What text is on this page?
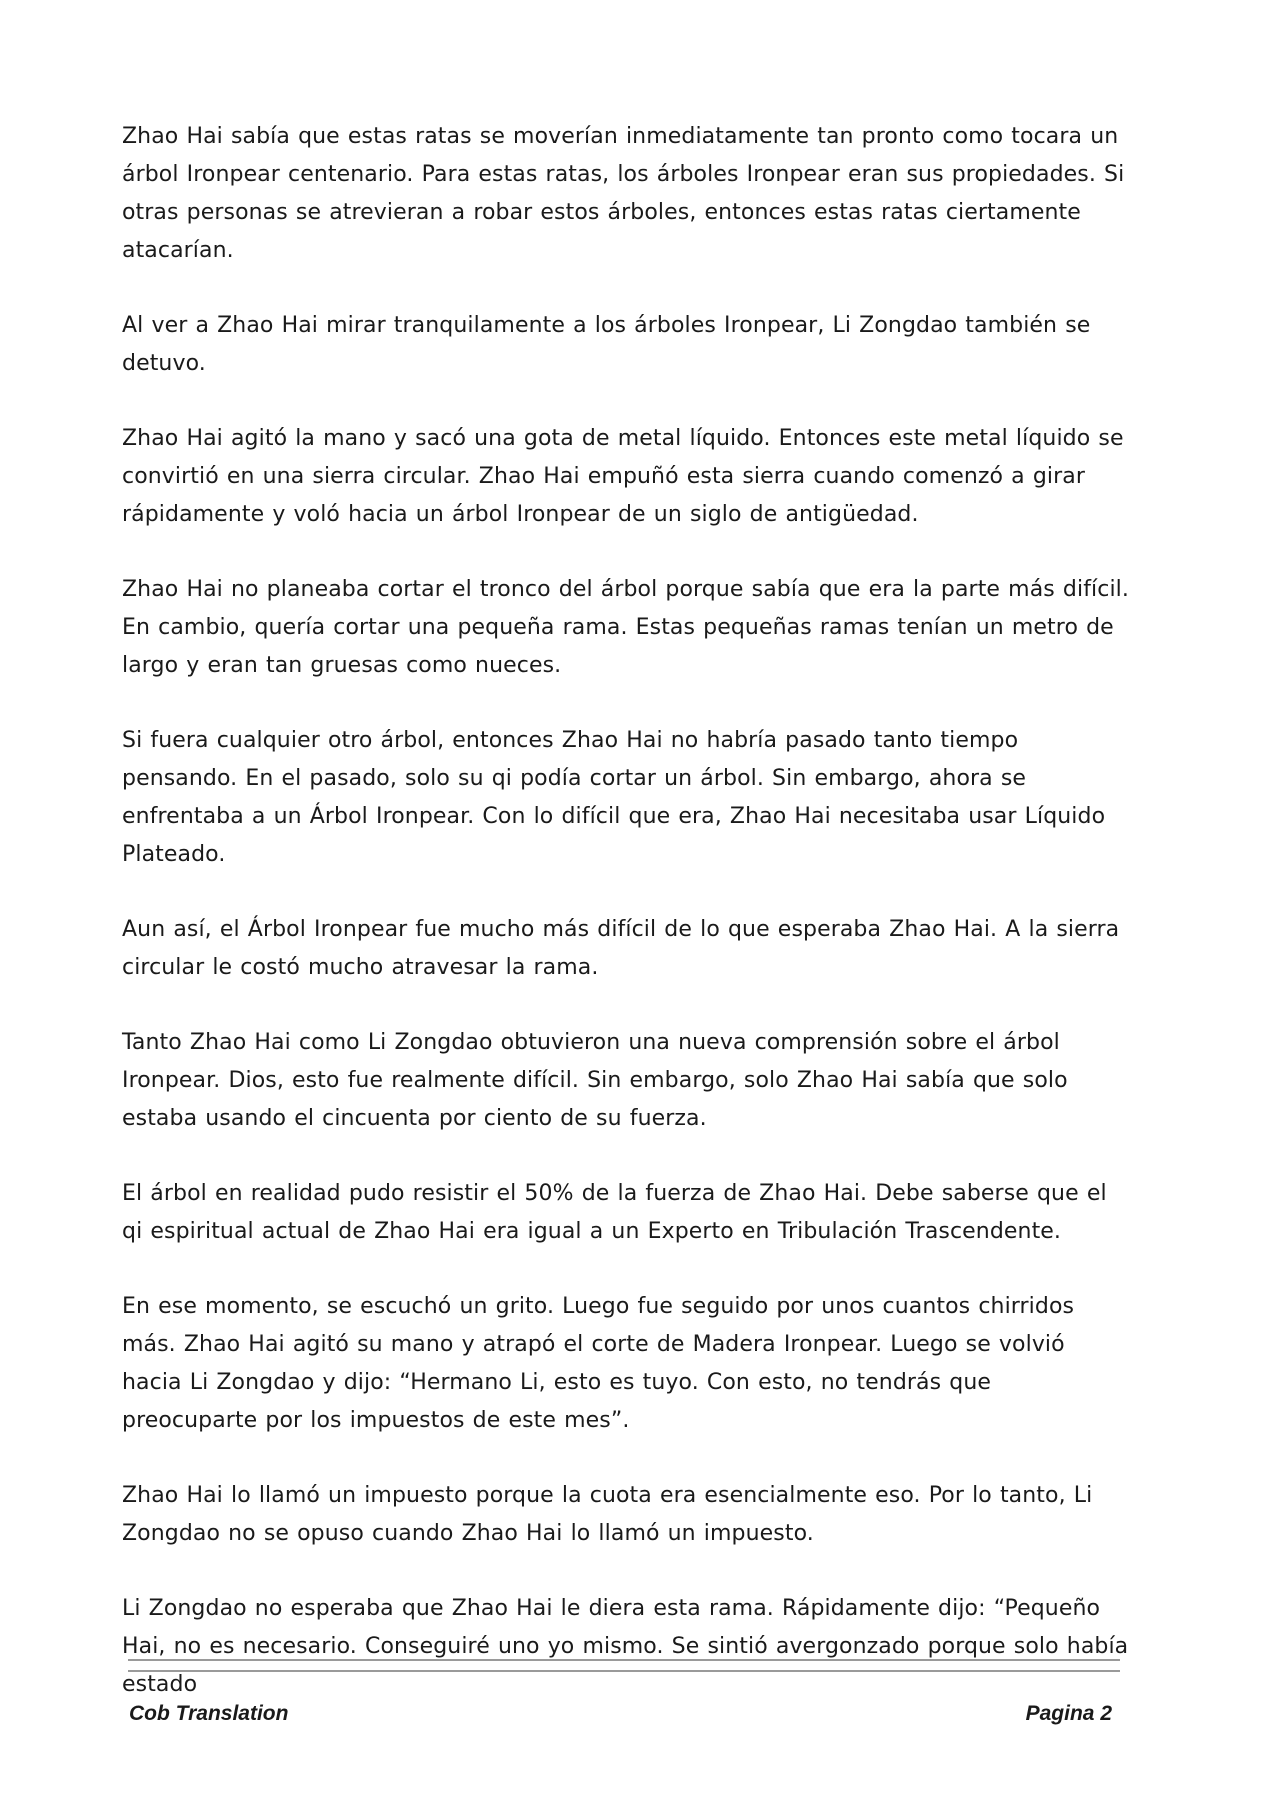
Zhao Hai sabía que estas ratas se moverían inmediatamente tan pronto como tocara un árbol Ironpear centenario. Para estas ratas, los árboles Ironpear eran sus propiedades. Si otras personas se atrevieran a robar estos árboles, entonces estas ratas ciertamente atacarían.

Al ver a Zhao Hai mirar tranquilamente a los árboles Ironpear, Li Zongdao también se detuvo.

Zhao Hai agitó la mano y sacó una gota de metal líquido. Entonces este metal líquido se convirtió en una sierra circular. Zhao Hai empuñó esta sierra cuando comenzó a girar rápidamente y voló hacia un árbol Ironpear de un siglo de antigüedad.

Zhao Hai no planeaba cortar el tronco del árbol porque sabía que era la parte más difícil. En cambio, quería cortar una pequeña rama. Estas pequeñas ramas tenían un metro de largo y eran tan gruesas como nueces.

Si fuera cualquier otro árbol, entonces Zhao Hai no habría pasado tanto tiempo pensando. En el pasado, solo su qi podía cortar un árbol. Sin embargo, ahora se enfrentaba a un Árbol Ironpear. Con lo difícil que era, Zhao Hai necesitaba usar Líquido Plateado.

Aun así, el Árbol Ironpear fue mucho más difícil de lo que esperaba Zhao Hai. A la sierra circular le costó mucho atravesar la rama.

Tanto Zhao Hai como Li Zongdao obtuvieron una nueva comprensión sobre el árbol Ironpear. Dios, esto fue realmente difícil. Sin embargo, solo Zhao Hai sabía que solo estaba usando el cincuenta por ciento de su fuerza.

El árbol en realidad pudo resistir el 50% de la fuerza de Zhao Hai. Debe saberse que el qi espiritual actual de Zhao Hai era igual a un Experto en Tribulación Trascendente.

En ese momento, se escuchó un grito. Luego fue seguido por unos cuantos chirridos más. Zhao Hai agitó su mano y atrapó el corte de Madera Ironpear. Luego se volvió hacia Li Zongdao y dijo: “Hermano Li, esto es tuyo. Con esto, no tendrás que preocuparte por los impuestos de este mes”.

Zhao Hai lo llamó un impuesto porque la cuota era esencialmente eso. Por lo tanto, Li Zongdao no se opuso cuando Zhao Hai lo llamó un impuesto.

Li Zongdao no esperaba que Zhao Hai le diera esta rama. Rápidamente dijo: “Pequeño Hai, no es necesario. Conseguiré uno yo mismo. Se sintió avergonzado porque solo había estado

Cob Translation	Pagina 2
